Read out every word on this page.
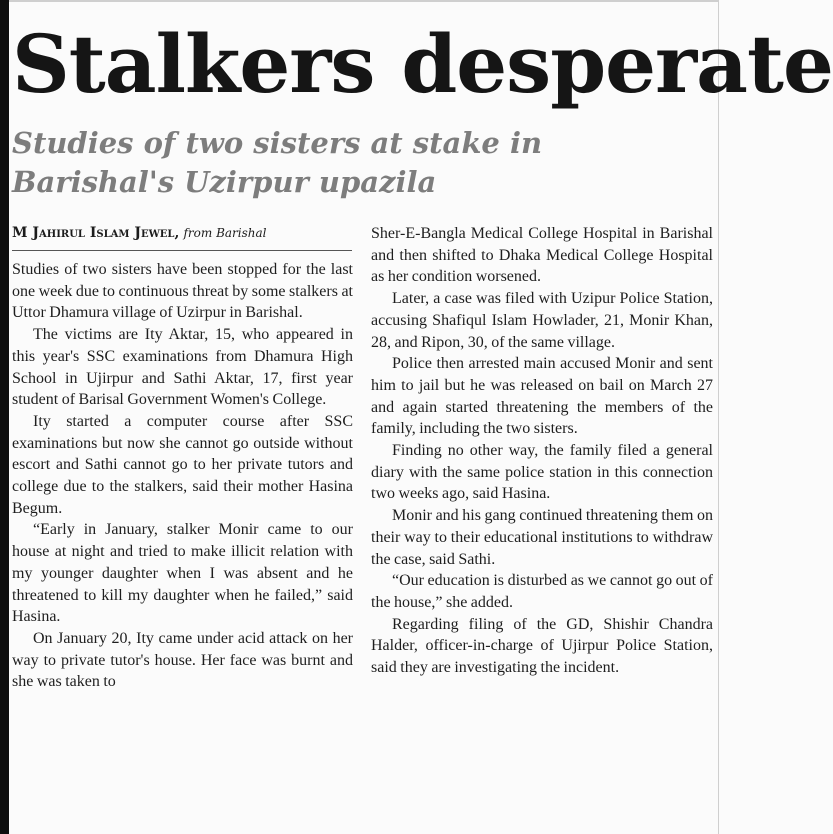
Stalkers desperate
Studies of two sisters at stake in Barishal's Uzirpur upazila
M Jahirul Islam Jewel, from Barishal

Studies of two sisters have been stopped for the last one week due to continuous threat by some stalkers at Uttor Dhamura village of Uzirpur in Barishal.

The victims are Ity Aktar, 15, who appeared in this year's SSC examinations from Dhamura High School in Ujirpur and Sathi Aktar, 17, first year student of Barisal Government Women's College.

Ity started a computer course after SSC examinations but now she cannot go outside without escort and Sathi cannot go to her private tutors and college due to the stalkers, said their mother Hasina Begum.

“Early in January, stalker Monir came to our house at night and tried to make illicit relation with my younger daughter when I was absent and he threatened to kill my daughter when he failed,” said Hasina.

On January 20, Ity came under acid attack on her way to private tutor's house. Her face was burnt and she was taken to

Sher-E-Bangla Medical College Hospital in Barishal and then shifted to Dhaka Medical College Hospital as her condition worsened.

Later, a case was filed with Uzipur Police Station, accusing Shafiqul Islam Howlader, 21, Monir Khan, 28, and Ripon, 30, of the same village.

Police then arrested main accused Monir and sent him to jail but he was released on bail on March 27 and again started threatening the members of the family, including the two sisters.

Finding no other way, the family filed a general diary with the same police station in this connection two weeks ago, said Hasina.

Monir and his gang continued threatening them on their way to their educational institutions to withdraw the case, said Sathi.

“Our education is disturbed as we cannot go out of the house,” she added.

Regarding filing of the GD, Shishir Chandra Halder, officer-in-charge of Ujirpur Police Station, said they are investigating the incident.
